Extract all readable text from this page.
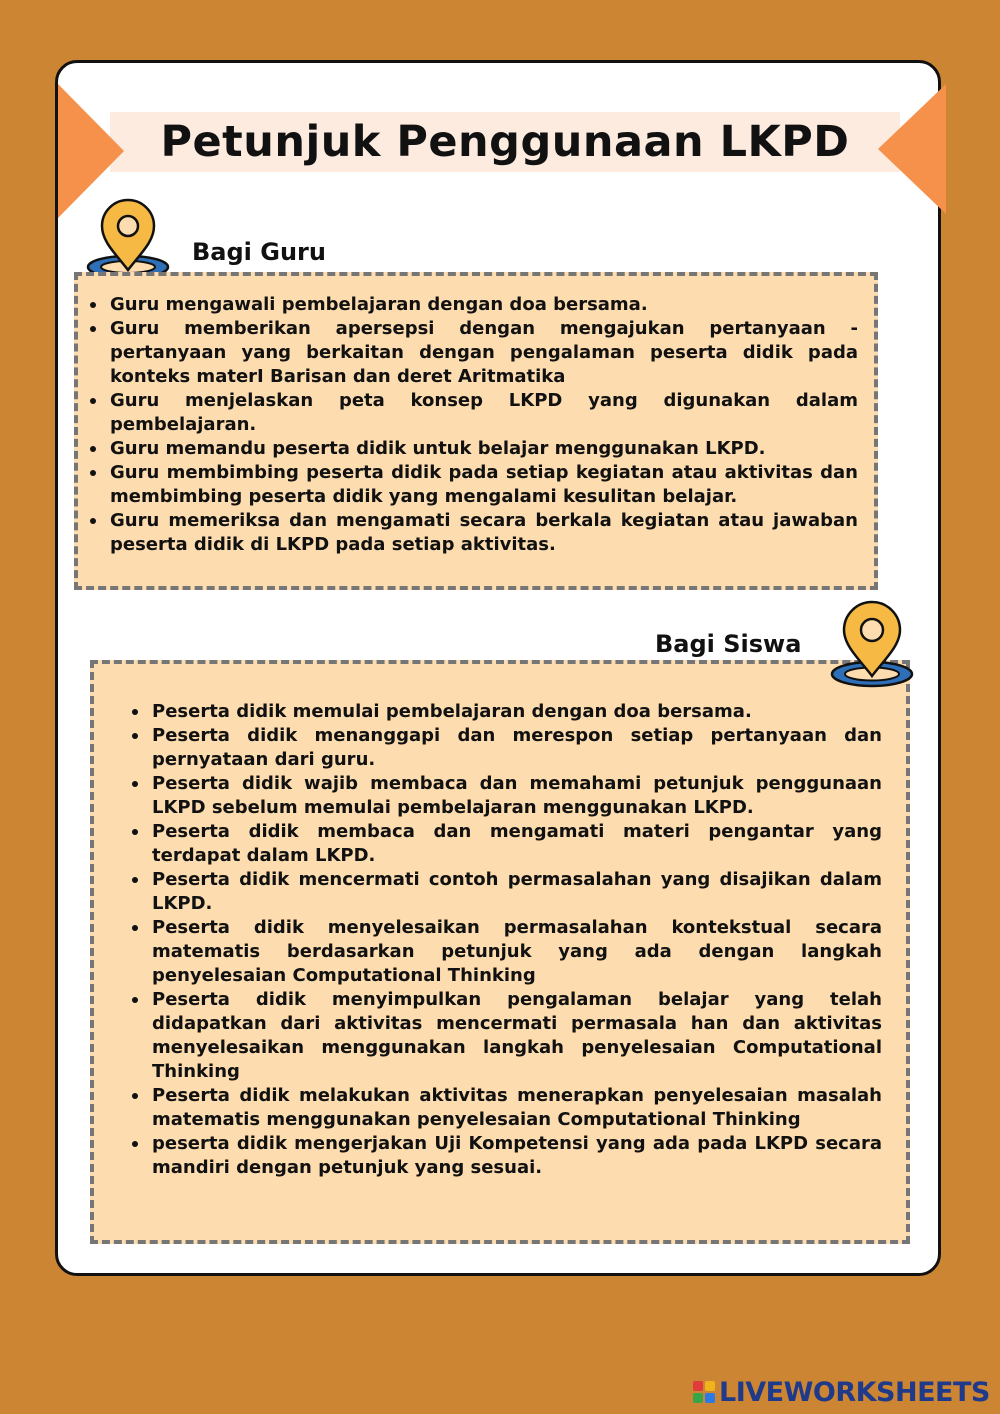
Petunjuk Penggunaan LKPD
Bagi Guru
Guru mengawali pembelajaran dengan doa bersama.
Guru memberikan apersepsi dengan mengajukan pertanyaan - pertanyaan yang berkaitan dengan pengalaman peserta didik pada konteks materI Barisan dan deret Aritmatika
Guru menjelaskan peta konsep LKPD yang digunakan dalam pembelajaran.
Guru memandu peserta didik untuk belajar menggunakan LKPD.
Guru membimbing peserta didik pada setiap kegiatan atau aktivitas dan membimbing peserta didik yang mengalami kesulitan belajar.
Guru memeriksa dan mengamati secara berkala kegiatan atau jawaban peserta didik di LKPD pada setiap aktivitas.
Bagi Siswa
Peserta didik memulai pembelajaran dengan doa bersama.
Peserta didik menanggapi dan merespon setiap pertanyaan dan pernyataan dari guru.
Peserta didik wajib membaca dan memahami petunjuk penggunaan LKPD sebelum memulai pembelajaran menggunakan LKPD.
Peserta didik membaca dan mengamati materi pengantar yang terdapat dalam LKPD.
Peserta didik mencermati contoh permasalahan yang disajikan dalam LKPD.
Peserta didik menyelesaikan permasalahan kontekstual secara matematis berdasarkan petunjuk yang ada dengan langkah penyelesaian Computational Thinking
Peserta didik menyimpulkan pengalaman belajar yang telah didapatkan dari aktivitas mencermati permasala han dan aktivitas menyelesaikan menggunakan langkah penyelesaian Computational Thinking
Peserta didik melakukan aktivitas menerapkan penyelesaian masalah matematis menggunakan penyelesaian Computational Thinking
peserta didik mengerjakan Uji Kompetensi yang ada pada LKPD secara mandiri dengan petunjuk yang sesuai.
LIVEWORKSHEETS
